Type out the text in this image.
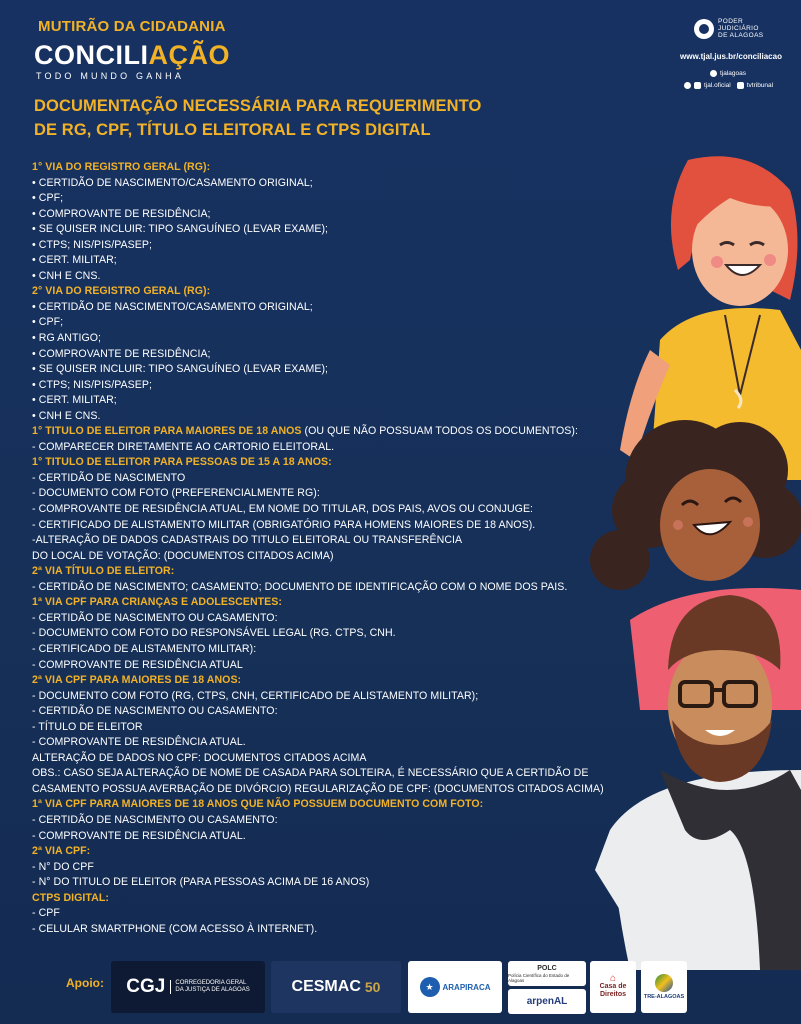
MUTIRÃO DA CIDADANIA
CONCILIAÇÃO
TODO MUNDO GANHA
PODER
JUDICIÁRIO
DE ALAGOAS
www.tjal.jus.br/conciliacao
tjalagoas
tjal.oficial tvtribunal
DOCUMENTAÇÃO NECESSÁRIA PARA REQUERIMENTO
DE RG, CPF, TÍTULO ELEITORAL E CTPS DIGITAL
1° VIA DO REGISTRO GERAL (RG):
• CERTIDÃO DE NASCIMENTO/CASAMENTO ORIGINAL;
• CPF;
• COMPROVANTE DE RESIDÊNCIA;
• SE QUISER INCLUIR: TIPO SANGUÍNEO (LEVAR EXAME);
• CTPS; NIS/PIS/PASEP;
• CERT. MILITAR;
• CNH E CNS.
2° VIA DO REGISTRO GERAL (RG):
• CERTIDÃO DE NASCIMENTO/CASAMENTO ORIGINAL;
• CPF;
• RG ANTIGO;
• COMPROVANTE DE RESIDÊNCIA;
• SE QUISER INCLUIR: TIPO SANGUÍNEO (LEVAR EXAME);
• CTPS; NIS/PIS/PASEP;
• CERT. MILITAR;
• CNH E CNS.
1° TITULO DE ELEITOR PARA MAIORES DE 18 ANOS (OU QUE NÃO POSSUAM TODOS OS DOCUMENTOS):
- COMPARECER DIRETAMENTE AO CARTORIO ELEITORAL.
1° TITULO DE ELEITOR PARA PESSOAS DE 15 A 18 ANOS:
- CERTIDÃO DE NASCIMENTO
- DOCUMENTO COM FOTO (PREFERENCIALMENTE RG):
- COMPROVANTE DE RESIDÊNCIA ATUAL, EM NOME DO TITULAR, DOS PAIS, AVOS OU CONJUGE:
- CERTIFICADO DE ALISTAMENTO MILITAR (OBRIGATÓRIO PARA HOMENS MAIORES DE 18 ANOS).
-ALTERAÇÃO DE DADOS CADASTRAIS DO TITULO ELEITORAL OU TRANSFERÊNCIA
DO LOCAL DE VOTAÇÃO: (DOCUMENTOS CITADOS ACIMA)
2ª VIA TÍTULO DE ELEITOR:
- CERTIDÃO DE NASCIMENTO; CASAMENTO; DOCUMENTO DE IDENTIFICAÇÃO COM O NOME DOS PAIS.
1ª VIA CPF PARA CRIANÇAS E ADOLESCENTES:
- CERTIDÃO DE NASCIMENTO OU CASAMENTO:
- DOCUMENTO COM FOTO DO RESPONSÁVEL LEGAL (RG. CTPS, CNH.
- CERTIFICADO DE ALISTAMENTO MILITAR):
- COMPROVANTE DE RESIDÊNCIA ATUAL
2ª VIA CPF PARA MAIORES DE 18 ANOS:
- DOCUMENTO COM FOTO (RG, CTPS, CNH, CERTIFICADO DE ALISTAMENTO MILITAR);
- CERTIDÃO DE NASCIMENTO OU CASAMENTO:
- TÍTULO DE ELEITOR
- COMPROVANTE DE RESIDÊNCIA ATUAL.
ALTERAÇÃO DE DADOS NO CPF: DOCUMENTOS CITADOS ACIMA
OBS.: CASO SEJA ALTERAÇÃO DE NOME DE CASADA PARA SOLTEIRA, É NECESSÁRIO QUE A CERTIDÃO DE
CASAMENTO POSSUA AVERBAÇÃO DE DIVÓRCIO) REGULARIZAÇÃO DE CPF: (DOCUMENTOS CITADOS ACIMA)
1ª VIA CPF PARA MAIORES DE 18 ANOS QUE NÃO POSSUEM DOCUMENTO COM FOTO:
- CERTIDÃO DE NASCIMENTO OU CASAMENTO:
- COMPROVANTE DE RESIDÊNCIA ATUAL.
2ª VIA CPF:
- N° DO CPF
- N° DO TITULO DE ELEITOR (PARA PESSOAS ACIMA DE 16 ANOS)
CTPS DIGITAL:
- CPF
- CELULAR SMARTPHONE (COM ACESSO À INTERNET).
Apoio: CGJ CORREGEDORIA GERAL
DA JUSTIÇA DE ALAGOAS	CESMAC 50	★	ARAPIRACA
POLC
Polícia Científica do Estado de Alagoas
arpenAL
⌂
Casa de
Direitos	TRE-ALAGOAS
